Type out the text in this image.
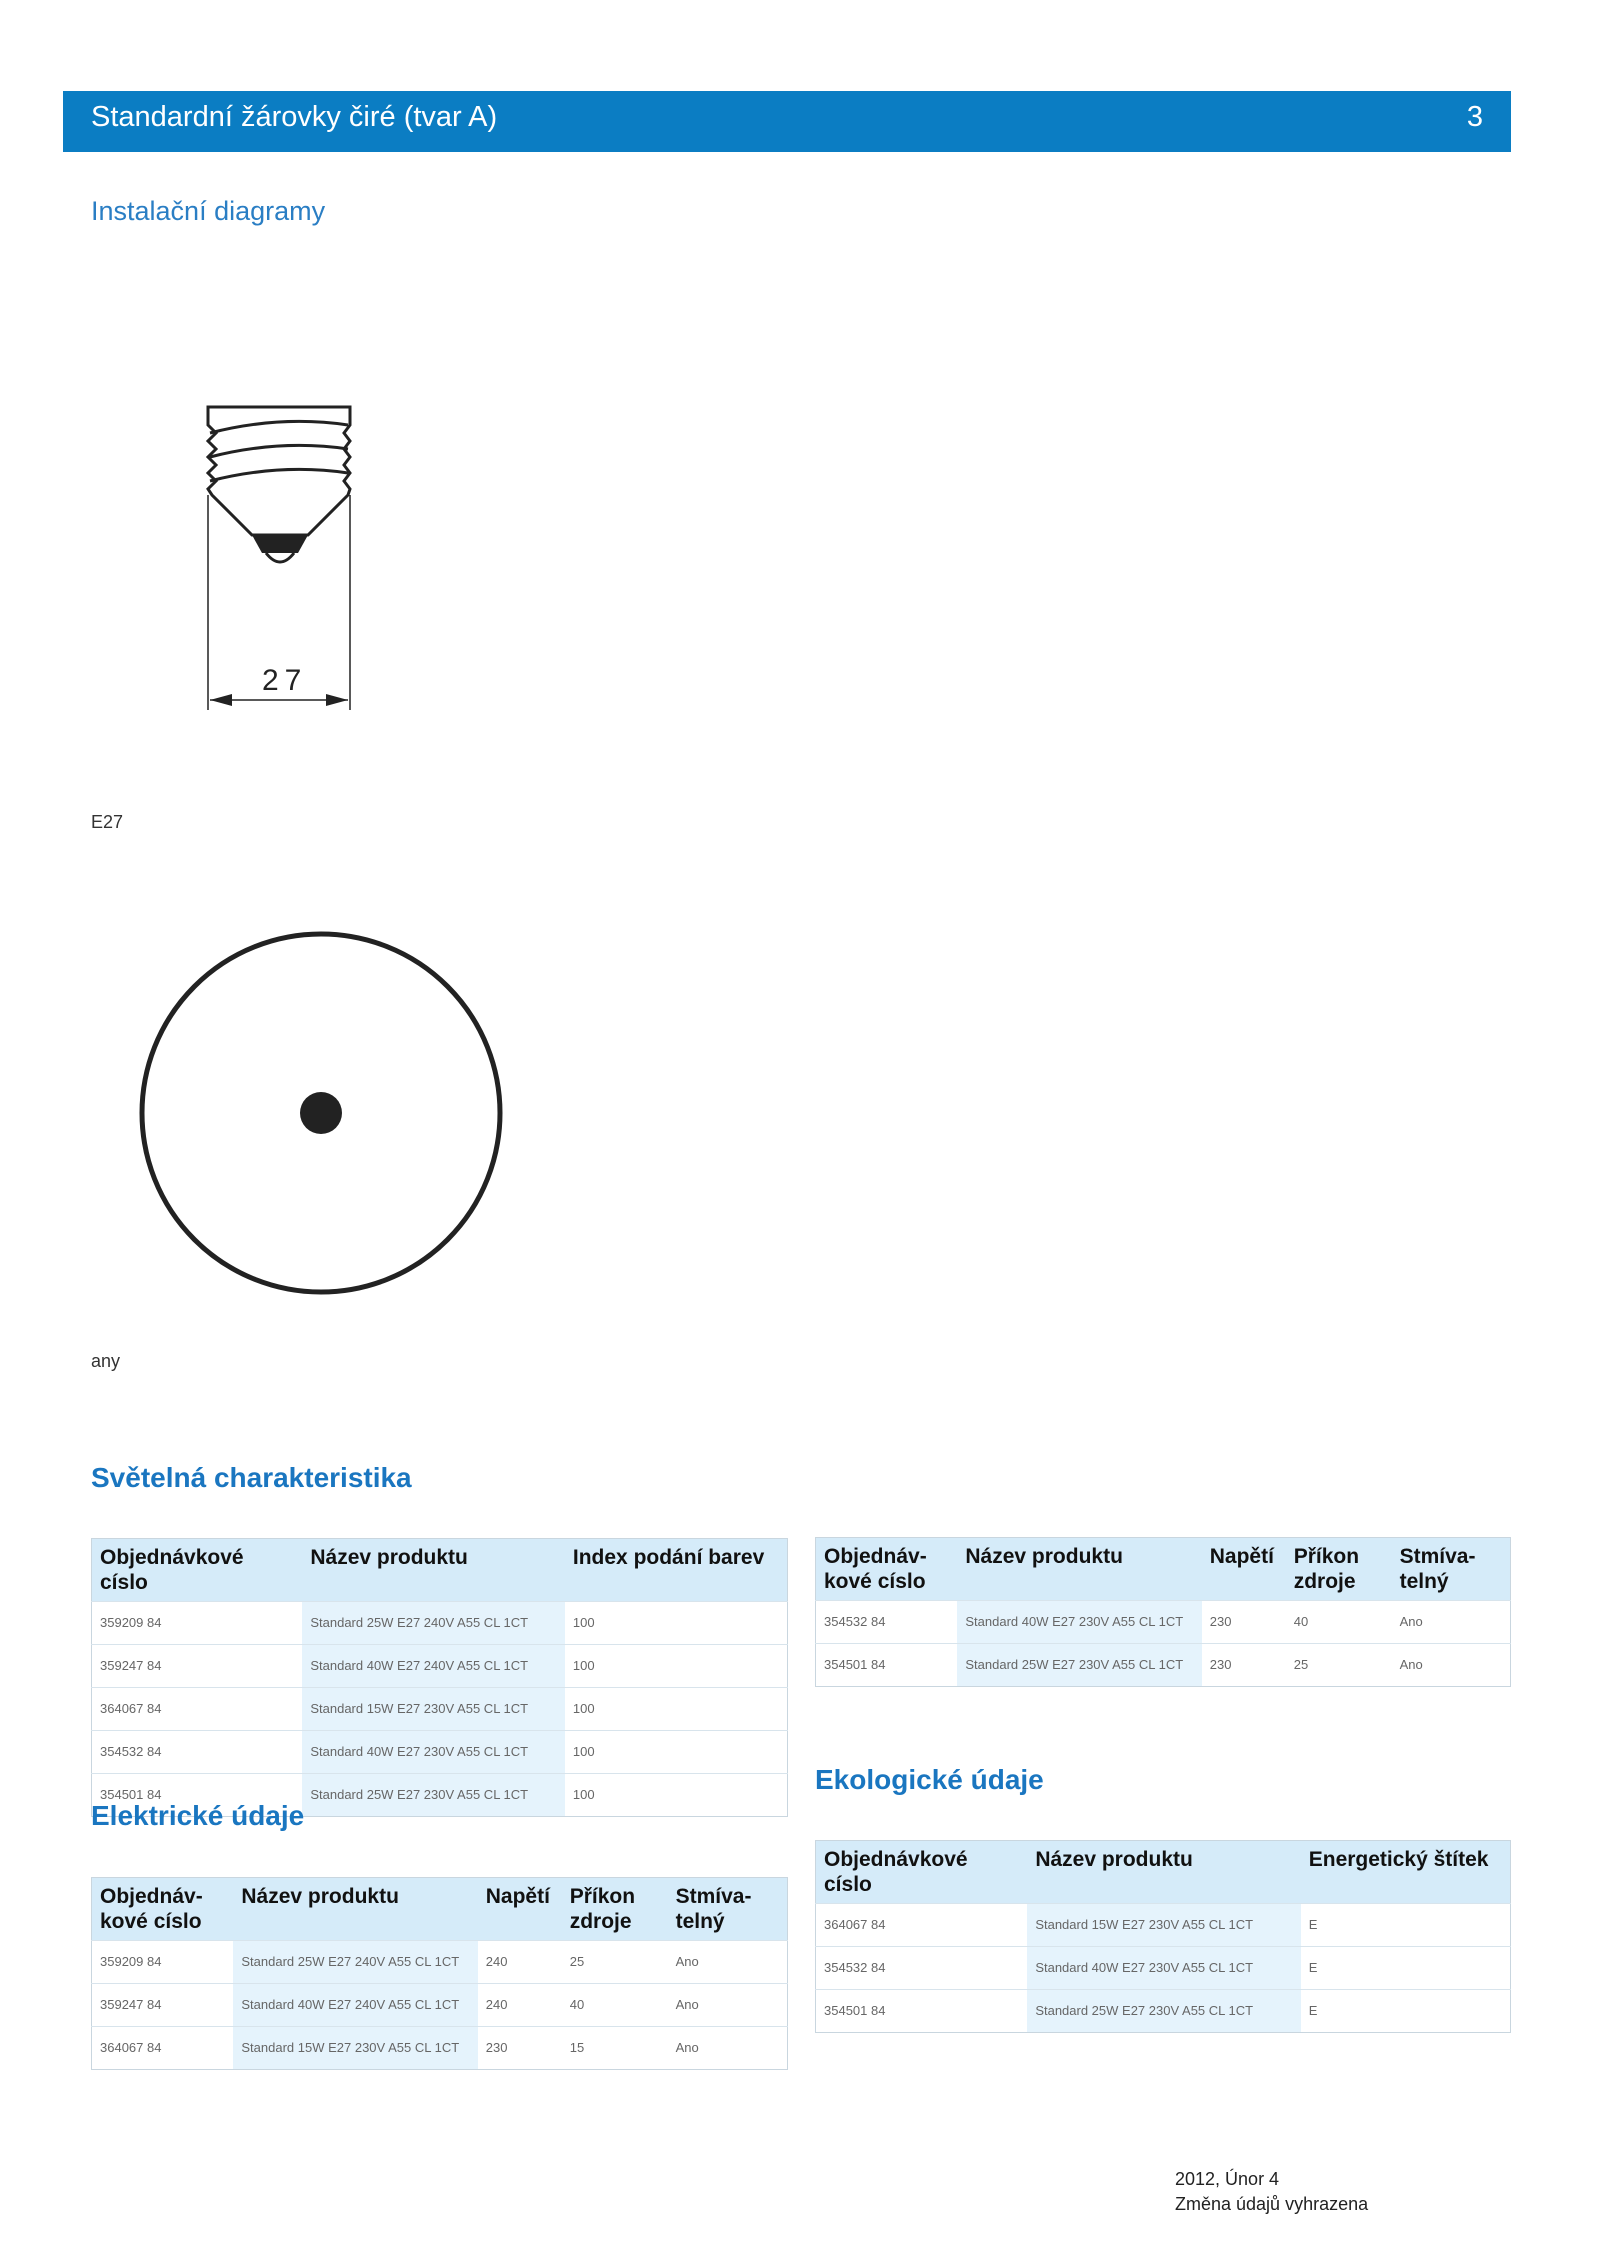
Standardní žárovky čiré (tvar A)	3
Instalační diagramy
27
E27
any
Světelná charakteristika
Objednávkové císlo	Název produktu	Index podání barev
359209 84	Standard 25W E27 240V A55 CL 1CT	100
359247 84	Standard 40W E27 240V A55 CL 1CT	100
364067 84	Standard 15W E27 230V A55 CL 1CT	100
354532 84	Standard 40W E27 230V A55 CL 1CT	100
354501 84	Standard 25W E27 230V A55 CL 1CT	100
Elektrické údaje
Objednáv-kové císlo	Název produktu	Napětí	Příkon zdroje	Stmíva-telný
359209 84	Standard 25W E27 240V A55 CL 1CT	240	25	Ano
359247 84	Standard 40W E27 240V A55 CL 1CT	240	40	Ano
364067 84	Standard 15W E27 230V A55 CL 1CT	230	15	Ano
Objednáv-kové císlo	Název produktu	Napětí	Příkon zdroje	Stmíva-telný
354532 84	Standard 40W E27 230V A55 CL 1CT	230	40	Ano
354501 84	Standard 25W E27 230V A55 CL 1CT	230	25	Ano
Ekologické údaje
Objednávkové císlo	Název produktu	Energetický štítek
364067 84	Standard 15W E27 230V A55 CL 1CT	E
354532 84	Standard 40W E27 230V A55 CL 1CT	E
354501 84	Standard 25W E27 230V A55 CL 1CT	E
2012, Únor 4
Změna údajů vyhrazena
